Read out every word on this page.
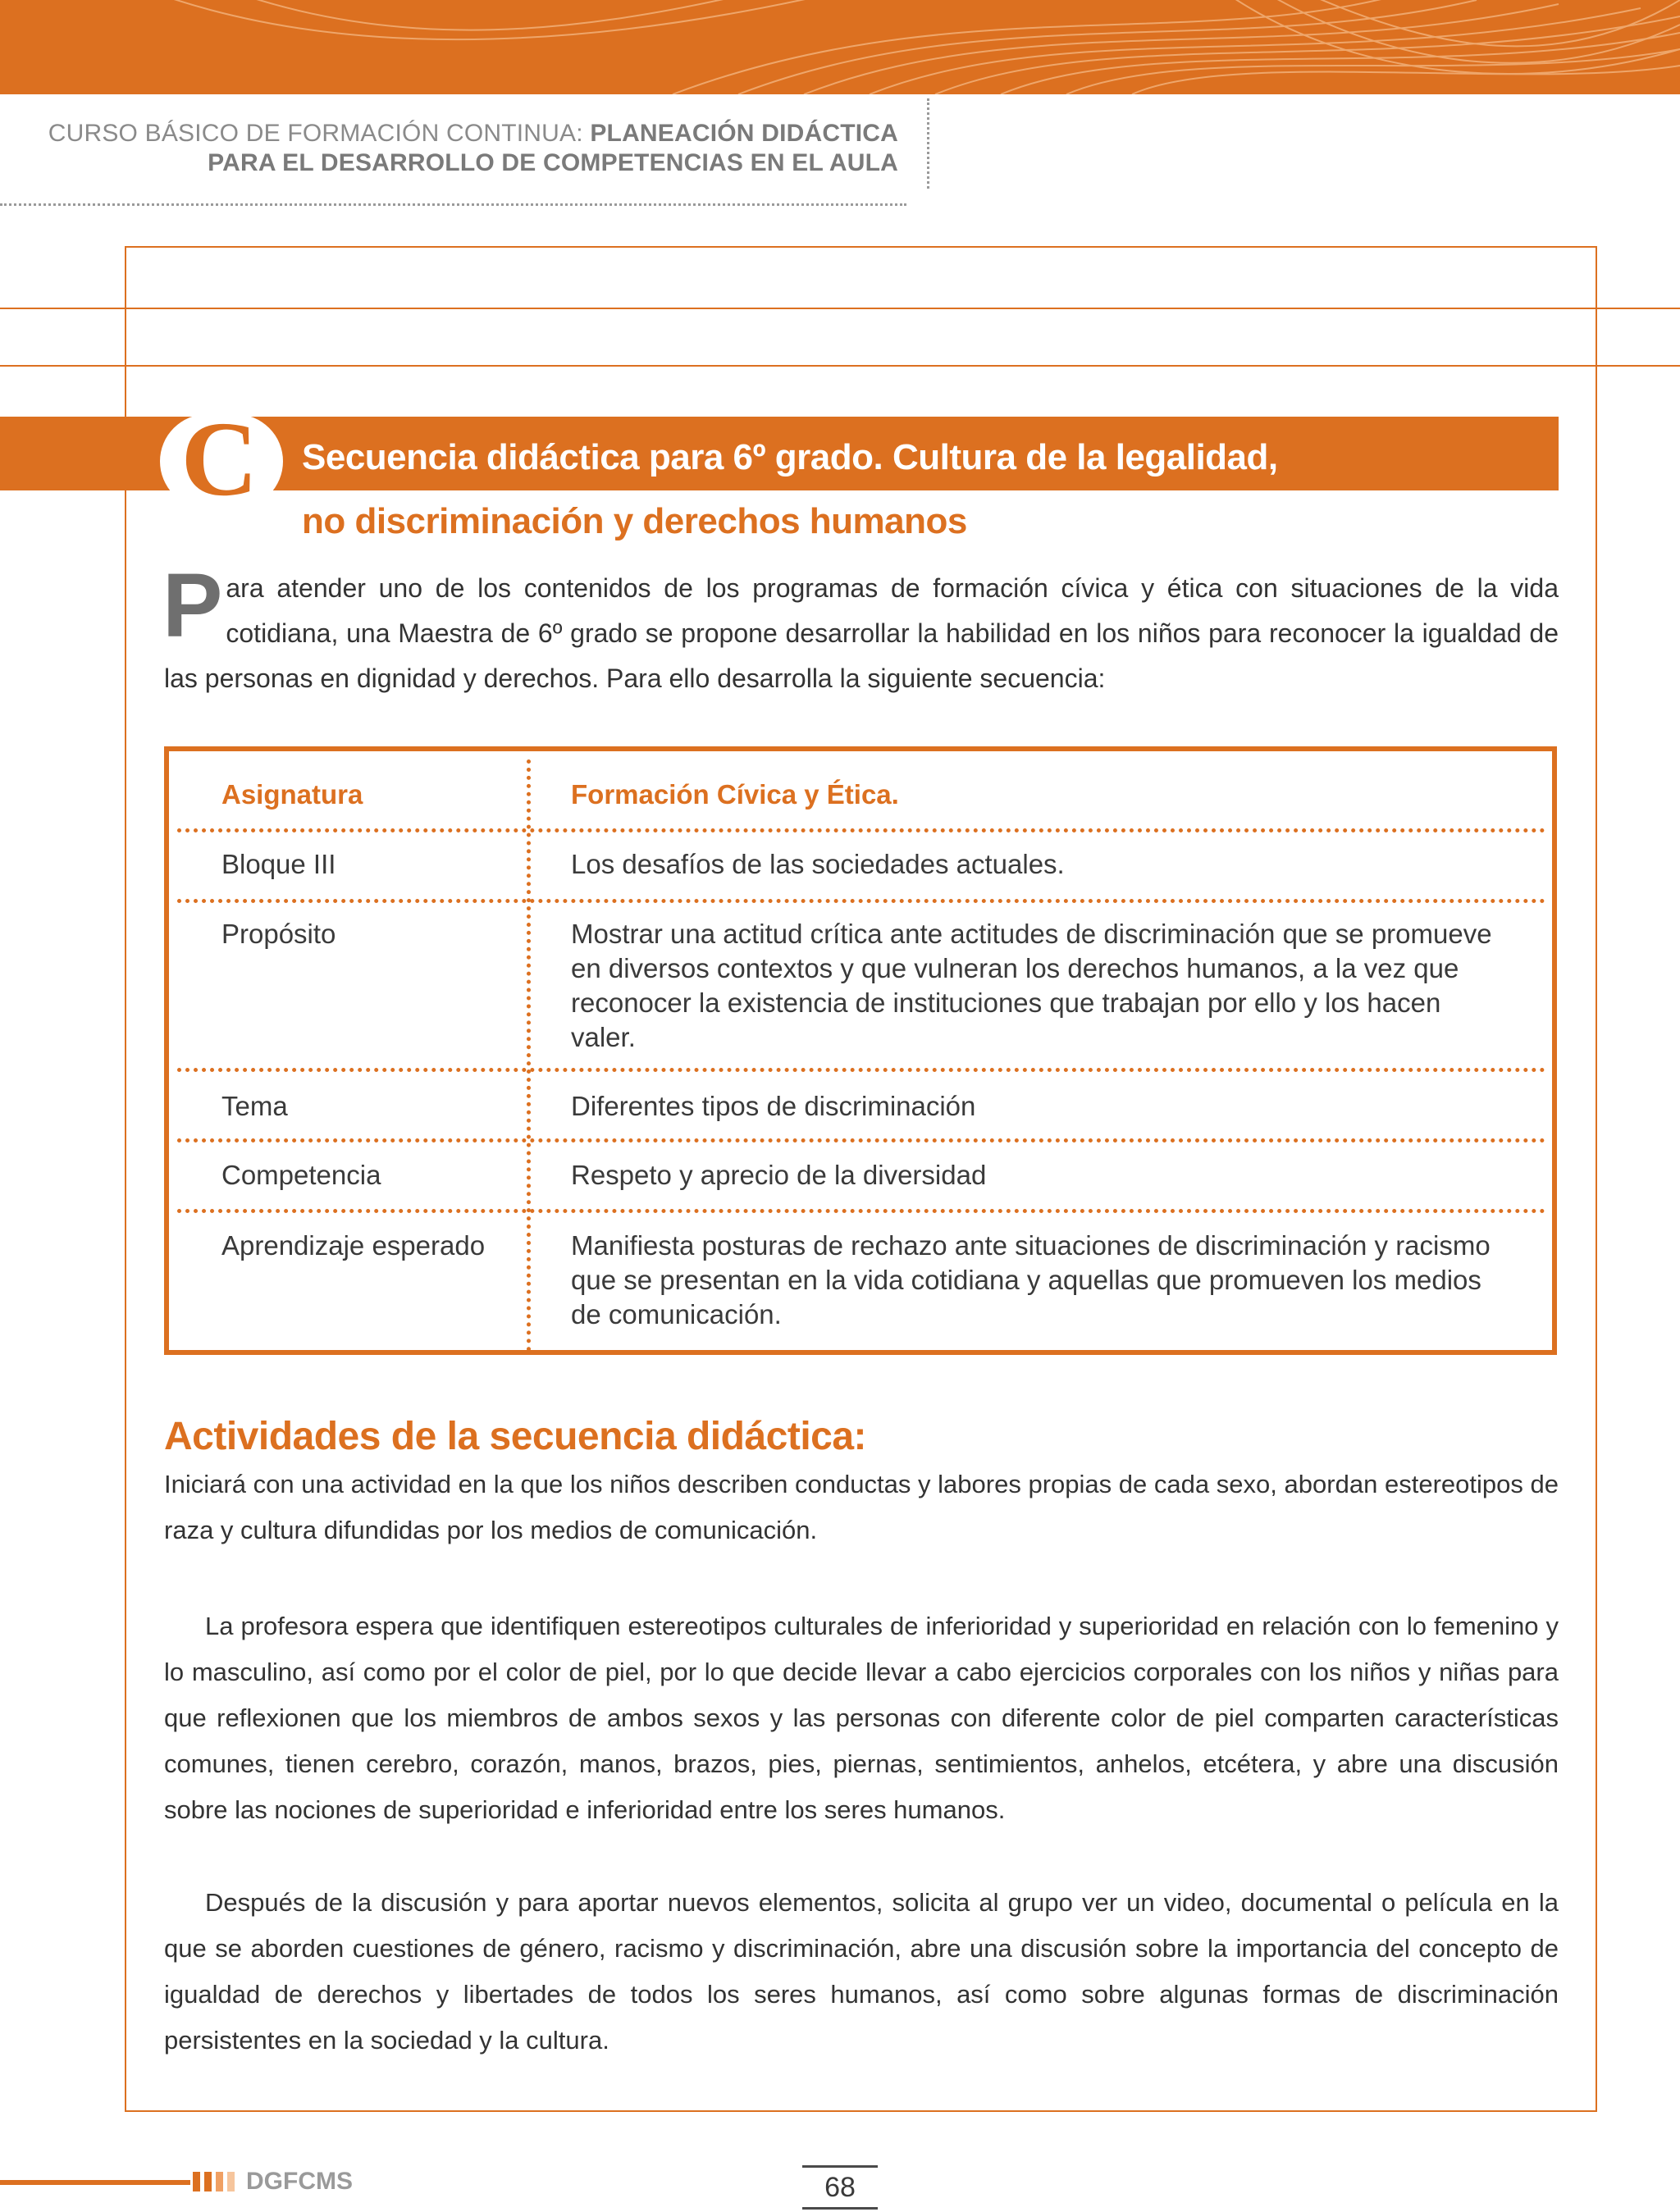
CURSO BÁSICO DE FORMACIÓN CONTINUA: PLANEACIÓN DIDÁCTICA
PARA EL DESARROLLO DE COMPETENCIAS EN EL AULA
C Secuencia didáctica para 6º grado. Cultura de la legalidad,
no discriminación y derechos humanos
Para atender uno de los contenidos de los programas de formación cívica y ética con situaciones de la vida cotidiana, una Maestra de 6º grado se propone desarrollar la habilidad en los niños para reconocer la igualdad de las personas en dignidad y derechos. Para ello desarrolla la siguiente secuencia:
Asignatura	Formación Cívica y Ética.
Bloque III	Los desafíos de las sociedades actuales.
Propósito	Mostrar una actitud crítica ante actitudes de discriminación que se promueve en diversos contextos y que vulneran los derechos humanos, a la vez que reconocer la existencia de instituciones que trabajan por ello y los hacen valer.
Tema	Diferentes tipos de discriminación
Competencia	Respeto y aprecio de la diversidad
Aprendizaje esperado	Manifiesta posturas de rechazo ante situaciones de discriminación y racismo que se presentan en la vida cotidiana y aquellas que promueven los medios de comunicación.
Actividades de la secuencia didáctica:
Iniciará con una actividad en la que los niños describen conductas y labores propias de cada sexo, abordan estereotipos de raza y cultura difundidas por los medios de comunicación.
La profesora espera que identifiquen estereotipos culturales de inferioridad y superioridad en relación con lo femenino y lo masculino, así como por el color de piel, por lo que decide llevar a cabo ejercicios corporales con los niños y niñas para que reflexionen que los miembros de ambos sexos y las personas con diferente color de piel comparten características comunes, tienen cerebro, corazón, manos, brazos, pies, piernas, sentimientos, anhelos, etcétera, y abre una discusión sobre las nociones de superioridad e inferioridad entre los seres humanos.
Después de la discusión y para aportar nuevos elementos, solicita al grupo ver un video, documental o película en la que se aborden cuestiones de género, racismo y discriminación, abre una discusión sobre la importancia del concepto de igualdad de derechos y libertades de todos los seres humanos, así como sobre algunas formas de discriminación persistentes en la sociedad y la cultura.
DGFCMS	68
